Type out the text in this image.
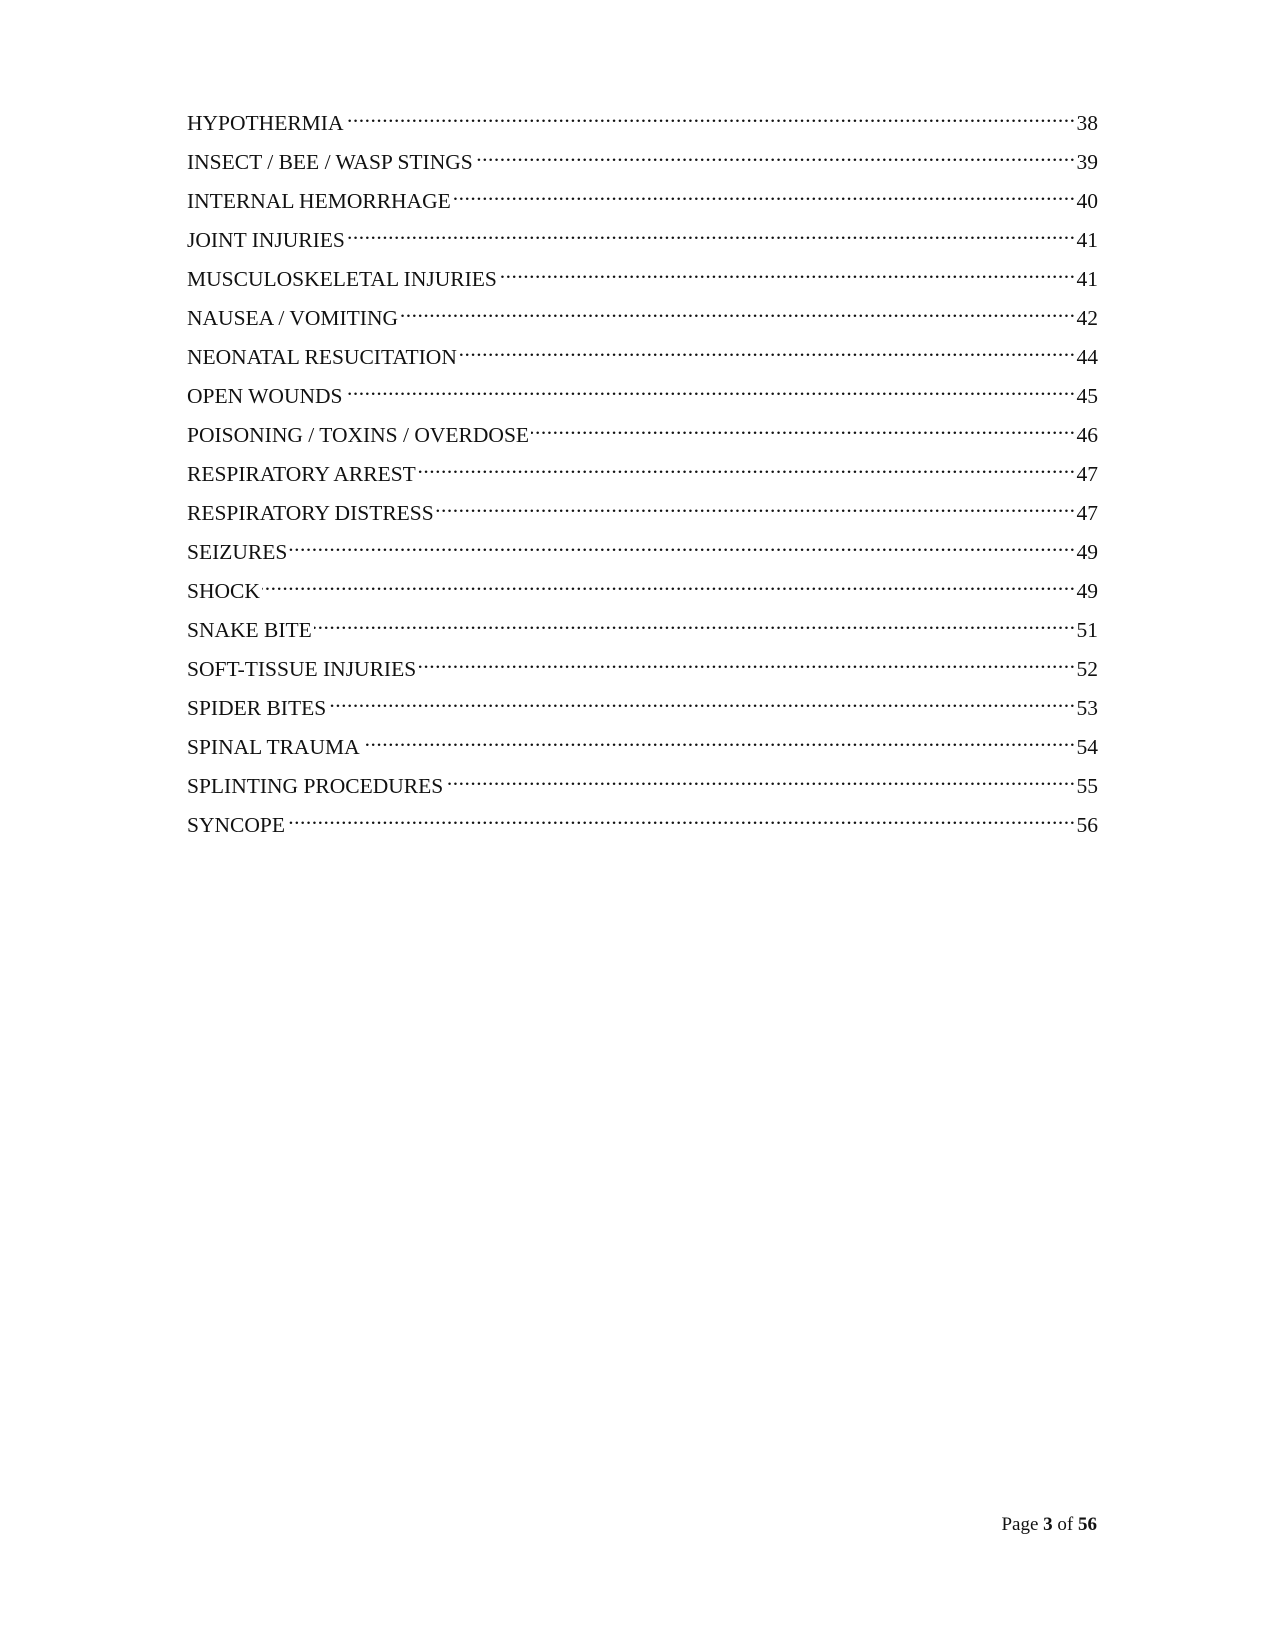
HYPOTHERMIA .....	38
INSECT / BEE / WASP STINGS .....	39
INTERNAL HEMORRHAGE .....	40
JOINT INJURIES .....	41
MUSCULOSKELETAL INJURIES .....	41
NAUSEA / VOMITING .....	42
NEONATAL RESUCITATION .....	44
OPEN WOUNDS .....	45
POISONING / TOXINS / OVERDOSE .....	46
RESPIRATORY ARREST .....	47
RESPIRATORY DISTRESS .....	47
SEIZURES .....	49
SHOCK .....	49
SNAKE BITE .....	51
SOFT-TISSUE INJURIES .....	52
SPIDER BITES .....	53
SPINAL TRAUMA .....	54
SPLINTING PROCEDURES .....	55
SYNCOPE .....	56
Page 3 of 56
